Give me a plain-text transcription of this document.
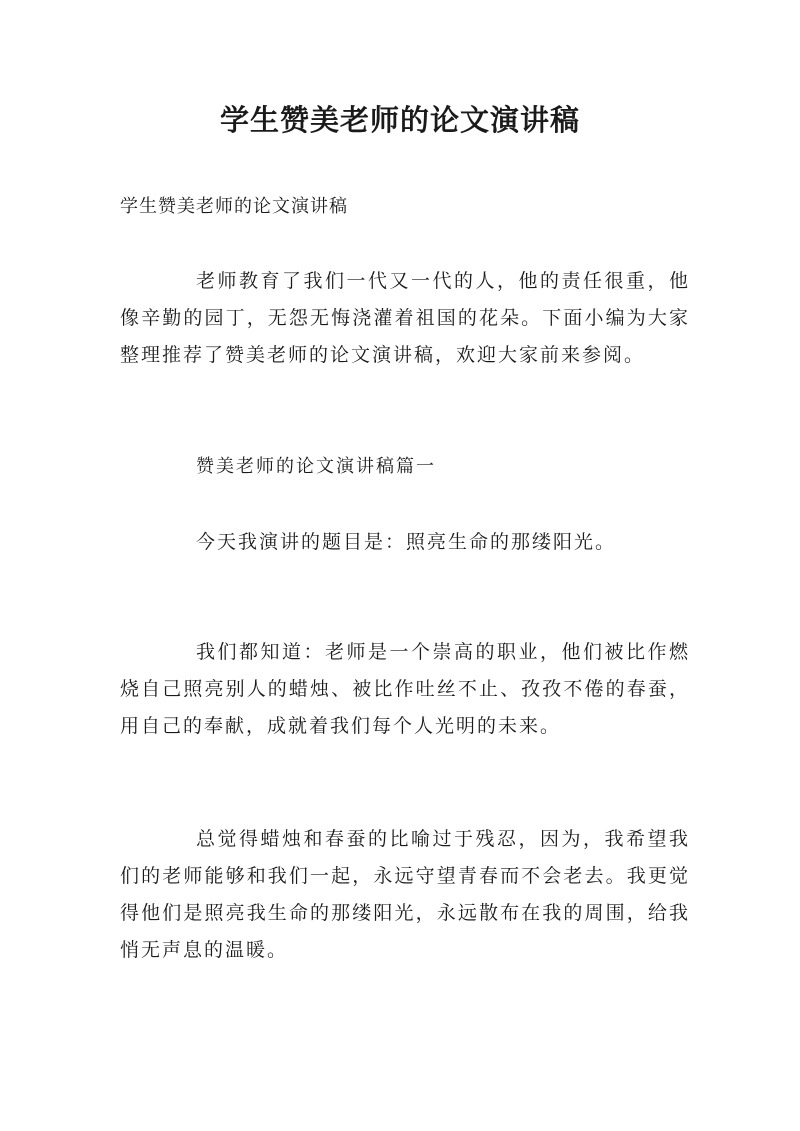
学生赞美老师的论文演讲稿
学生赞美老师的论文演讲稿
老师教育了我们一代又一代的人，他的责任很重，他像辛勤的园丁，无怨无悔浇灌着祖国的花朵。下面小编为大家整理推荐了赞美老师的论文演讲稿，欢迎大家前来参阅。
赞美老师的论文演讲稿篇一
今天我演讲的题目是：照亮生命的那缕阳光。
我们都知道：老师是一个崇高的职业，他们被比作燃烧自己照亮别人的蜡烛、被比作吐丝不止、孜孜不倦的春蚕，用自己的奉献，成就着我们每个人光明的未来。
总觉得蜡烛和春蚕的比喻过于残忍，因为，我希望我们的老师能够和我们一起，永远守望青春而不会老去。我更觉得他们是照亮我生命的那缕阳光，永远散布在我的周围，给我悄无声息的温暖。
